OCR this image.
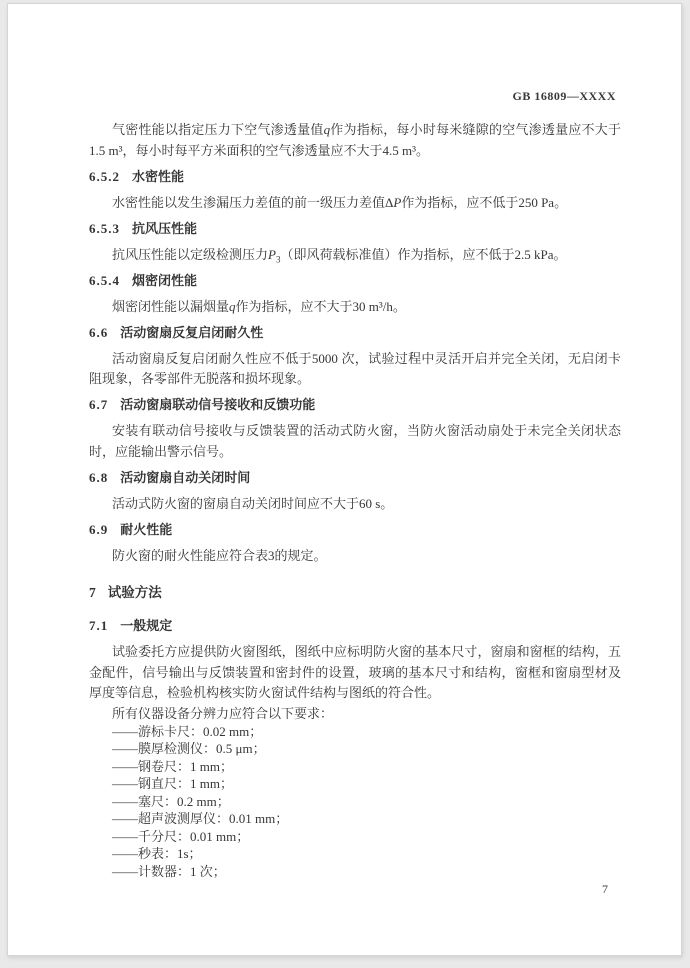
GB 16809—XXXX

气密性能以指定压力下空气渗透量值q作为指标，每小时每米缝隙的空气渗透量应不大于1.5 m³，每小时每平方米面积的空气渗透量应不大于4.5 m³。

6.5.2 水密性能

水密性能以发生渗漏压力差值的前一级压力差值ΔP作为指标，应不低于250 Pa。

6.5.3 抗风压性能

抗风压性能以定级检测压力$P_3$（即风荷载标准值）作为指标，应不低于2.5 kPa。

6.5.4 烟密闭性能

烟密闭性能以漏烟量q作为指标，应不大于30 m³/h。

6.6 活动窗扇反复启闭耐久性

活动窗扇反复启闭耐久性应不低于5000 次，试验过程中灵活开启并完全关闭，无启闭卡阻现象，各零部件无脱落和损坏现象。

6.7 活动窗扇联动信号接收和反馈功能

安装有联动信号接收与反馈装置的活动式防火窗，当防火窗活动扇处于未完全关闭状态时，应能输出警示信号。

6.8 活动窗扇自动关闭时间

活动式防火窗的窗扇自动关闭时间应不大于60 s。

6.9 耐火性能

防火窗的耐火性能应符合表3的规定。

7 试验方法
7.1 一般规定

试验委托方应提供防火窗图纸，图纸中应标明防火窗的基本尺寸，窗扇和窗框的结构，五金配件，信号输出与反馈装置和密封件的设置，玻璃的基本尺寸和结构，窗框和窗扇型材及厚度等信息，检验机构核实防火窗试件结构与图纸的符合性。

所有仪器设备分辨力应符合以下要求：

——游标卡尺：0.02 mm；
——膜厚检测仪：0.5 μm；
——钢卷尺：1 mm；
——钢直尺：1 mm；
——塞尺：0.2 mm；
——超声波测厚仪：0.01 mm；
——千分尺：0.01 mm；
——秒表：1s；
——计数器：1 次；
7
